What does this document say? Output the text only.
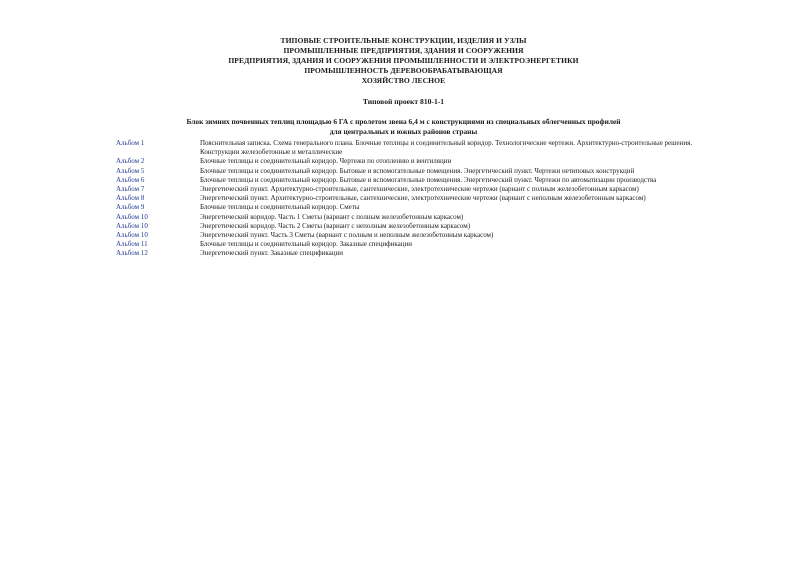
ТИПОВЫЕ СТРОИТЕЛЬНЫЕ КОНСТРУКЦИИ, ИЗДЕЛИЯ И УЗЛЫ
ПРОМЫШЛЕННЫЕ ПРЕДПРИЯТИЯ, ЗДАНИЯ И СООРУЖЕНИЯ
ПРЕДПРИЯТИЯ, ЗДАНИЯ И СООРУЖЕНИЯ ПРОМЫШЛЕННОСТИ И ЭЛЕКТРОЭНЕРГЕТИКИ
ПРОМЫШЛЕННОСТЬ ДЕРЕВООБРАБАТЫВАЮЩАЯ
ХОЗЯЙСТВО ЛЕСНОЕ
Типовой проект 810-1-1
Блок зимних почвенных теплиц площадью 6 ГА с пролетом звена 6,4 м с конструкциями из специальных облегченных профилей
для центральных и южных районов страны
Альбом 1	Пояснительная записка. Схема генерального плана. Блочные теплицы и соединительный коридор. Технологические чертежи. Архитектурно-строительные решения. Конструкции железобетонные и металлические
Альбом 2	Блочные теплицы и соединительный коридор. Чертежи по отоплению и вентиляции
Альбом 5	Блочные теплицы и соединительный коридор. Бытовые и вспомогательные помещения. Энергетический пункт. Чертежи нетиповых конструкций
Альбом 6	Блочные теплицы и соединительный коридор. Бытовые и вспомогательные помещения. Энергетический пункт. Чертежи по автоматизации производства
Альбом 7	Энергетический пункт. Архитектурно-строительные, сантехнические, электротехнические чертежи (вариант с полным железобетонным каркасом)
Альбом 8	Энергетический пункт. Архитектурно-строительные, сантехнические, электротехнические чертежи (вариант с неполным железобетонным каркасом)
Альбом 9	Блочные теплицы и соединительный коридор. Сметы
Альбом 10	Энергетический коридор. Часть 1 Сметы (вариант с полным железобетонным каркасом)
Альбом 10	Энергетический коридор. Часть 2 Сметы (вариант с неполным железобетонным каркасом)
Альбом 10	Энергетический пункт. Часть 3 Сметы (вариант с полным и неполным железобетонным каркасом)
Альбом 11	Блочные теплицы и соединительный коридор. Заказные спецификации
Альбом 12	Энергетический пункт. Заказные спецификации
